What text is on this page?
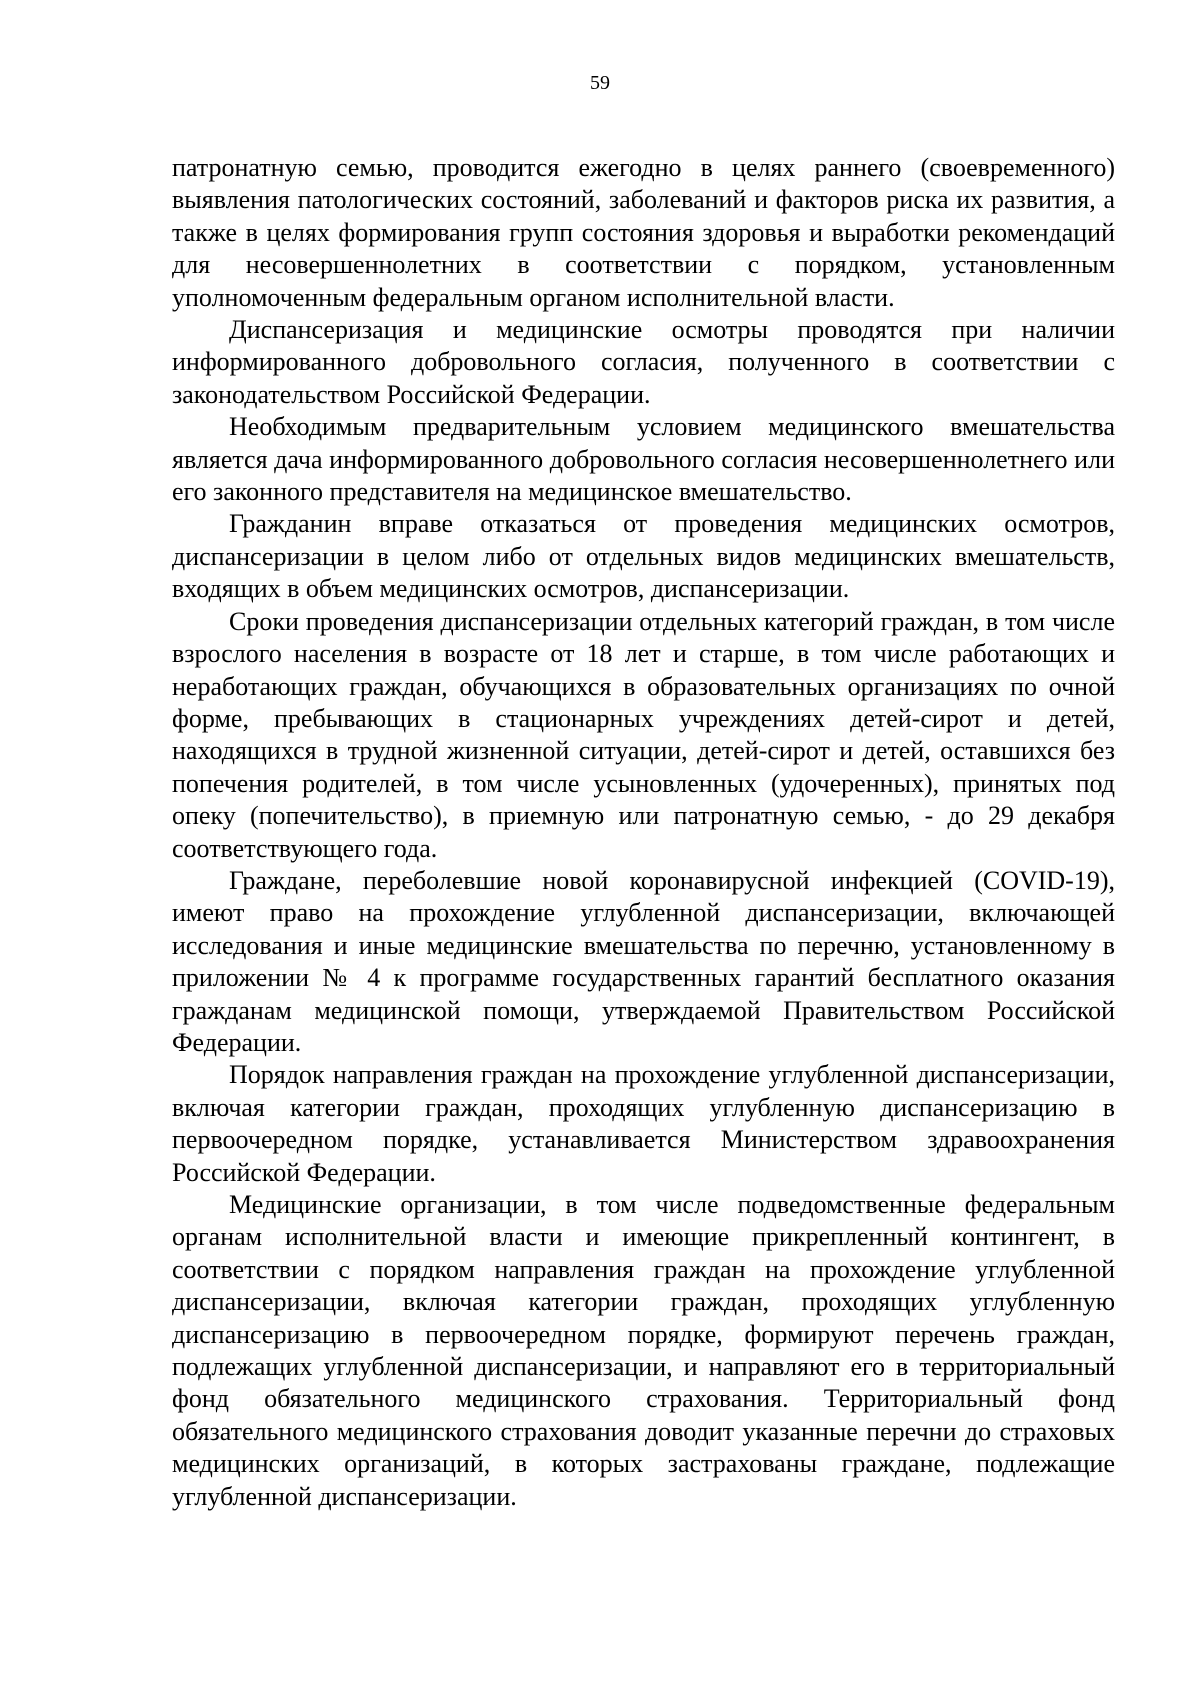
59

патронатную семью, проводится ежегодно в целях раннего (своевременного) выявления патологических состояний, заболеваний и факторов риска их развития, а также в целях формирования групп состояния здоровья и выработки рекомендаций для несовершеннолетних в соответствии с порядком, установленным уполномоченным федеральным органом исполнительной власти.

Диспансеризация и медицинские осмотры проводятся при наличии информированного добровольного согласия, полученного в соответствии с законодательством Российской Федерации.

Необходимым предварительным условием медицинского вмешательства является дача информированного добровольного согласия несовершеннолетнего или его законного представителя на медицинское вмешательство.

Гражданин вправе отказаться от проведения медицинских осмотров, диспансеризации в целом либо от отдельных видов медицинских вмешательств, входящих в объем медицинских осмотров, диспансеризации.

Сроки проведения диспансеризации отдельных категорий граждан, в том числе взрослого населения в возрасте от 18 лет и старше, в том числе работающих и неработающих граждан, обучающихся в образовательных организациях по очной форме, пребывающих в стационарных учреждениях детей-сирот и детей, находящихся в трудной жизненной ситуации, детей-сирот и детей, оставшихся без попечения родителей, в том числе усыновленных (удочеренных), принятых под опеку (попечительство), в приемную или патронатную семью, - до 29 декабря соответствующего года.

Граждане, переболевшие новой коронавирусной инфекцией (COVID-19), имеют право на прохождение углубленной диспансеризации, включающей исследования и иные медицинские вмешательства по перечню, установленному в приложении № 4 к программе государственных гарантий бесплатного оказания гражданам медицинской помощи, утверждаемой Правительством Российской Федерации.

Порядок направления граждан на прохождение углубленной диспансеризации, включая категории граждан, проходящих углубленную диспансеризацию в первоочередном порядке, устанавливается Министерством здравоохранения Российской Федерации.

Медицинские организации, в том числе подведомственные федеральным органам исполнительной власти и имеющие прикрепленный контингент, в соответствии с порядком направления граждан на прохождение углубленной диспансеризации, включая категории граждан, проходящих углубленную диспансеризацию в первоочередном порядке, формируют перечень граждан, подлежащих углубленной диспансеризации, и направляют его в территориальный фонд обязательного медицинского страхования. Территориальный фонд обязательного медицинского страхования доводит указанные перечни до страховых медицинских организаций, в которых застрахованы граждане, подлежащие углубленной диспансеризации.
